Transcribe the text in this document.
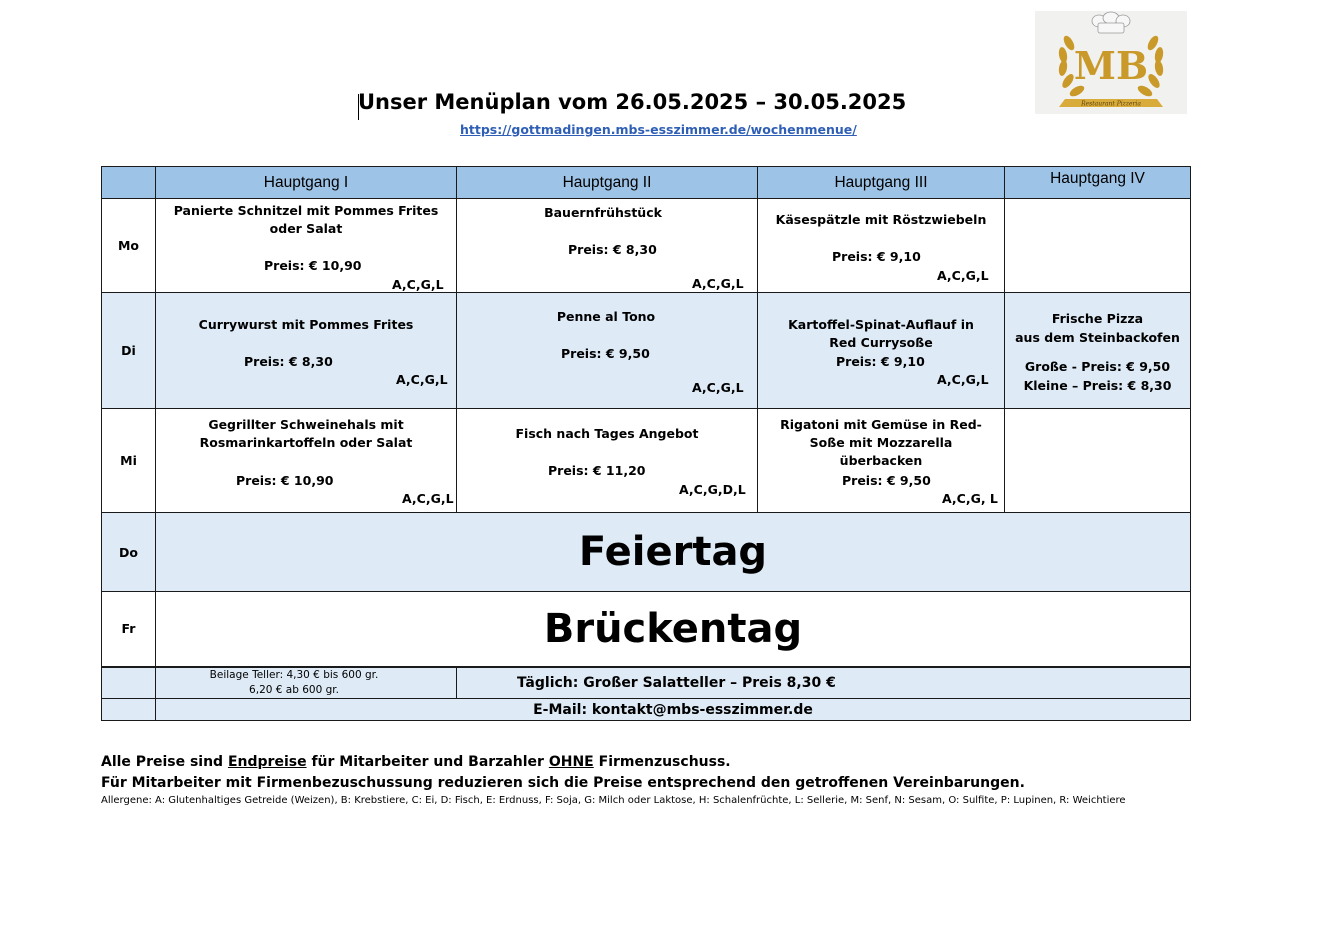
MB
Restaurant Pizzeria
Unser Menüplan vom 26.05.2025 – 30.05.2025
https://gottmadingen.mbs-esszimmer.de/wochenmenue/
	Hauptgang I	Hauptgang II	Hauptgang III	Hauptgang IV
Mo	Panierte Schnitzel mit Pommes Frites oder Salat
Preis: € 10,90
A,C,G,L	Bauernfrühstück
Preis: € 8,30
A,C,G,L	Käsespätzle mit Röstzwiebeln
Preis: € 9,10
A,C,G,L	

Di	Currywurst mit Pommes Frites
Preis: € 8,30
A,C,G,L	Penne al Tono
Preis: € 9,50
A,C,G,L	Kartoffel-Spinat-Auflauf in Red Currysoße
Preis: € 9,10
A,C,G,L	Frische Pizza
aus dem Steinbackofen
Große - Preis: € 9,50
Kleine – Preis: € 8,30

Mi	Gegrillter Schweinehals mit Rosmarinkartoffeln oder Salat
Preis: € 10,90
A,C,G,L	Fisch nach Tages Angebot
Preis: € 11,20
A,C,G,D,L	Rigatoni mit Gemüse in Red-Soße mit Mozzarella überbacken
Preis: € 9,50
A,C,G, L	

Do	Feiertag			
Fr	Brückentag			

	Beilage Teller: 4,30 € bis 600 gr.
6,20 € ab 600 gr.	Täglich: Großer Salatteller – Preis 8,30 €		
	E-Mail: kontakt@mbs-esszimmer.de			
Alle Preise sind Endpreise für Mitarbeiter und Barzahler OHNE Firmenzuschuss.
Für Mitarbeiter mit Firmenbezuschussung reduzieren sich die Preise entsprechend den getroffenen Vereinbarungen.
Allergene: A: Glutenhaltiges Getreide (Weizen), B: Krebstiere, C: Ei, D: Fisch, E: Erdnuss, F: Soja, G: Milch oder Laktose, H: Schalenfrüchte, L: Sellerie, M: Senf, N: Sesam, O: Sulfite, P: Lupinen, R: Weichtiere
